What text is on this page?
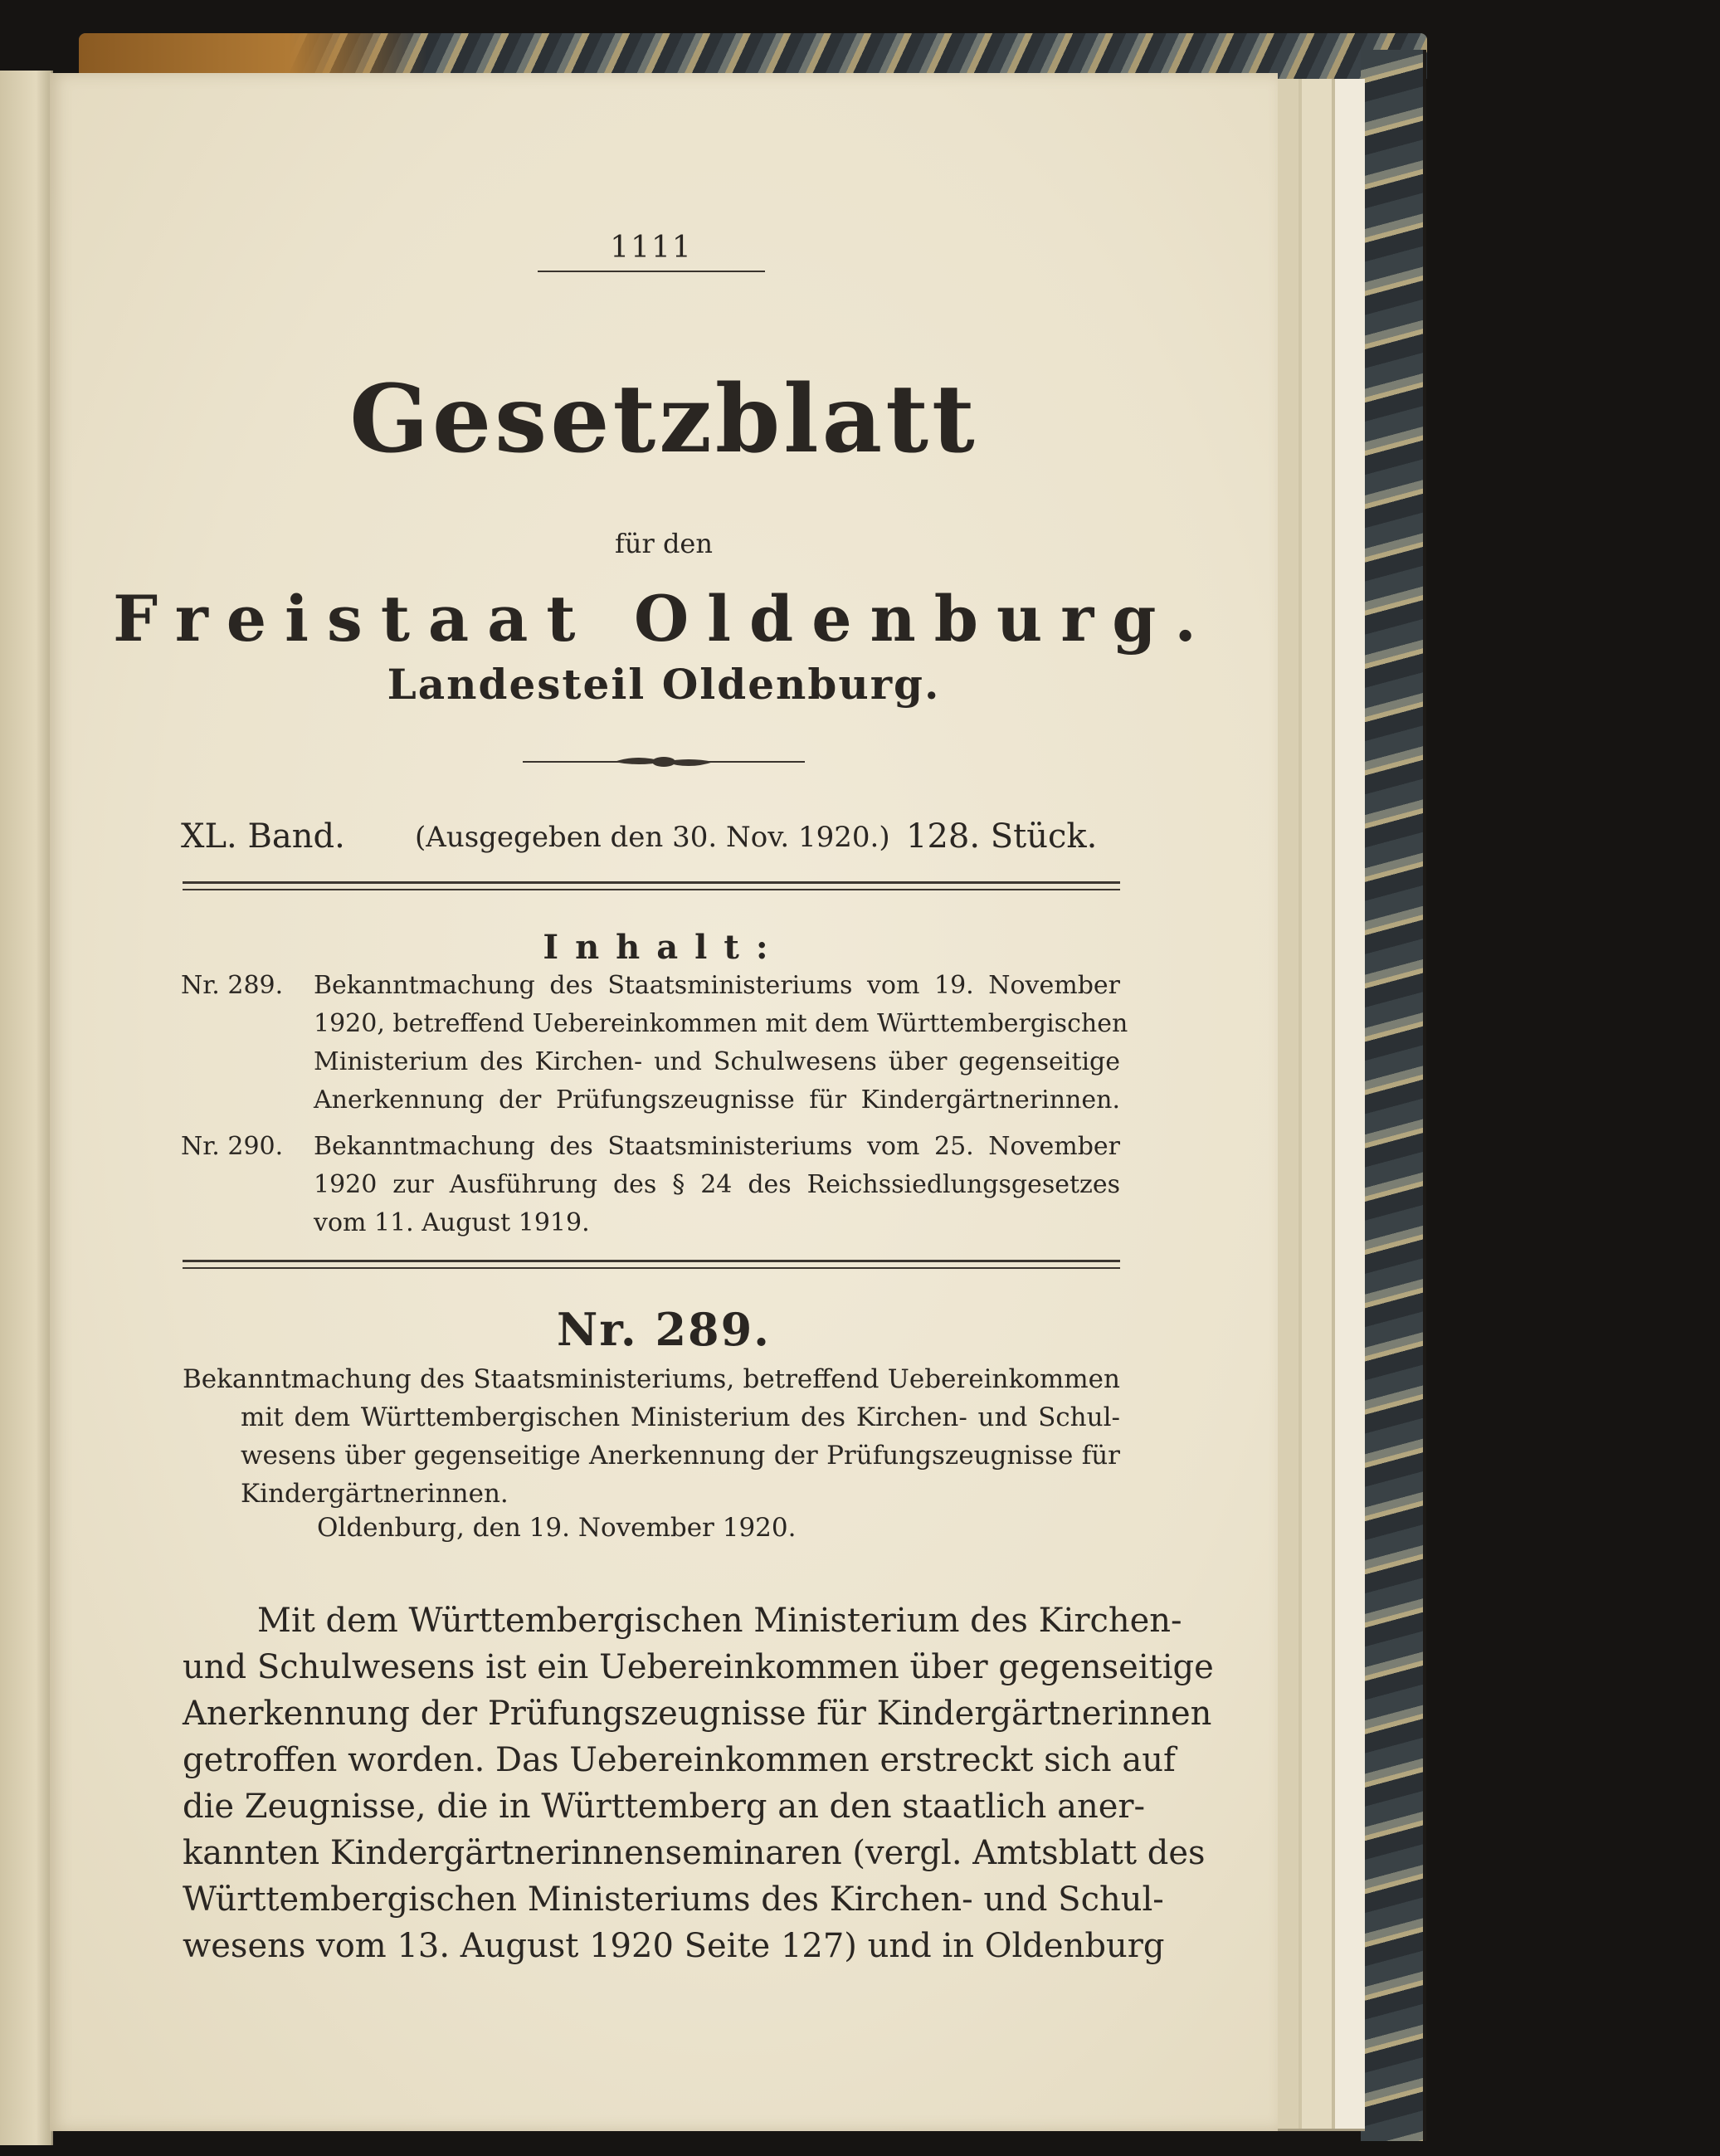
1111
Gesetzblatt
für den
Freistaat Oldenburg.
Landesteil Oldenburg.
XL. Band. (Ausgegeben den 30. Nov. 1920.) 128. Stück.
Inhalt:
Nr. 289. Bekanntmachung des Staatsministeriums vom 19. November
1920, betreffend Uebereinkommen mit dem Württembergischen
Ministerium des Kirchen- und Schulwesens über gegenseitige
Anerkennung der Prüfungszeugnisse für Kindergärtnerinnen.
Nr. 290. Bekanntmachung des Staatsministeriums vom 25. November
1920 zur Ausführung des § 24 des Reichssiedlungsgesetzes
vom 11. August 1919.
Nr. 289.
Bekanntmachung des Staatsministeriums, betreffend Uebereinkommen
mit dem Württembergischen Ministerium des Kirchen- und Schul-
wesens über gegenseitige Anerkennung der Prüfungszeugnisse für
Kindergärtnerinnen.
Oldenburg, den 19. November 1920.
Mit dem Württembergischen Ministerium des Kirchen-
und Schulwesens ist ein Uebereinkommen über gegenseitige
Anerkennung der Prüfungszeugnisse für Kindergärtnerinnen
getroffen worden. Das Uebereinkommen erstreckt sich auf
die Zeugnisse, die in Württemberg an den staatlich aner-
kannten Kindergärtnerinnenseminaren (vergl. Amtsblatt des
Württembergischen Ministeriums des Kirchen- und Schul-
wesens vom 13. August 1920 Seite 127) und in Oldenburg
